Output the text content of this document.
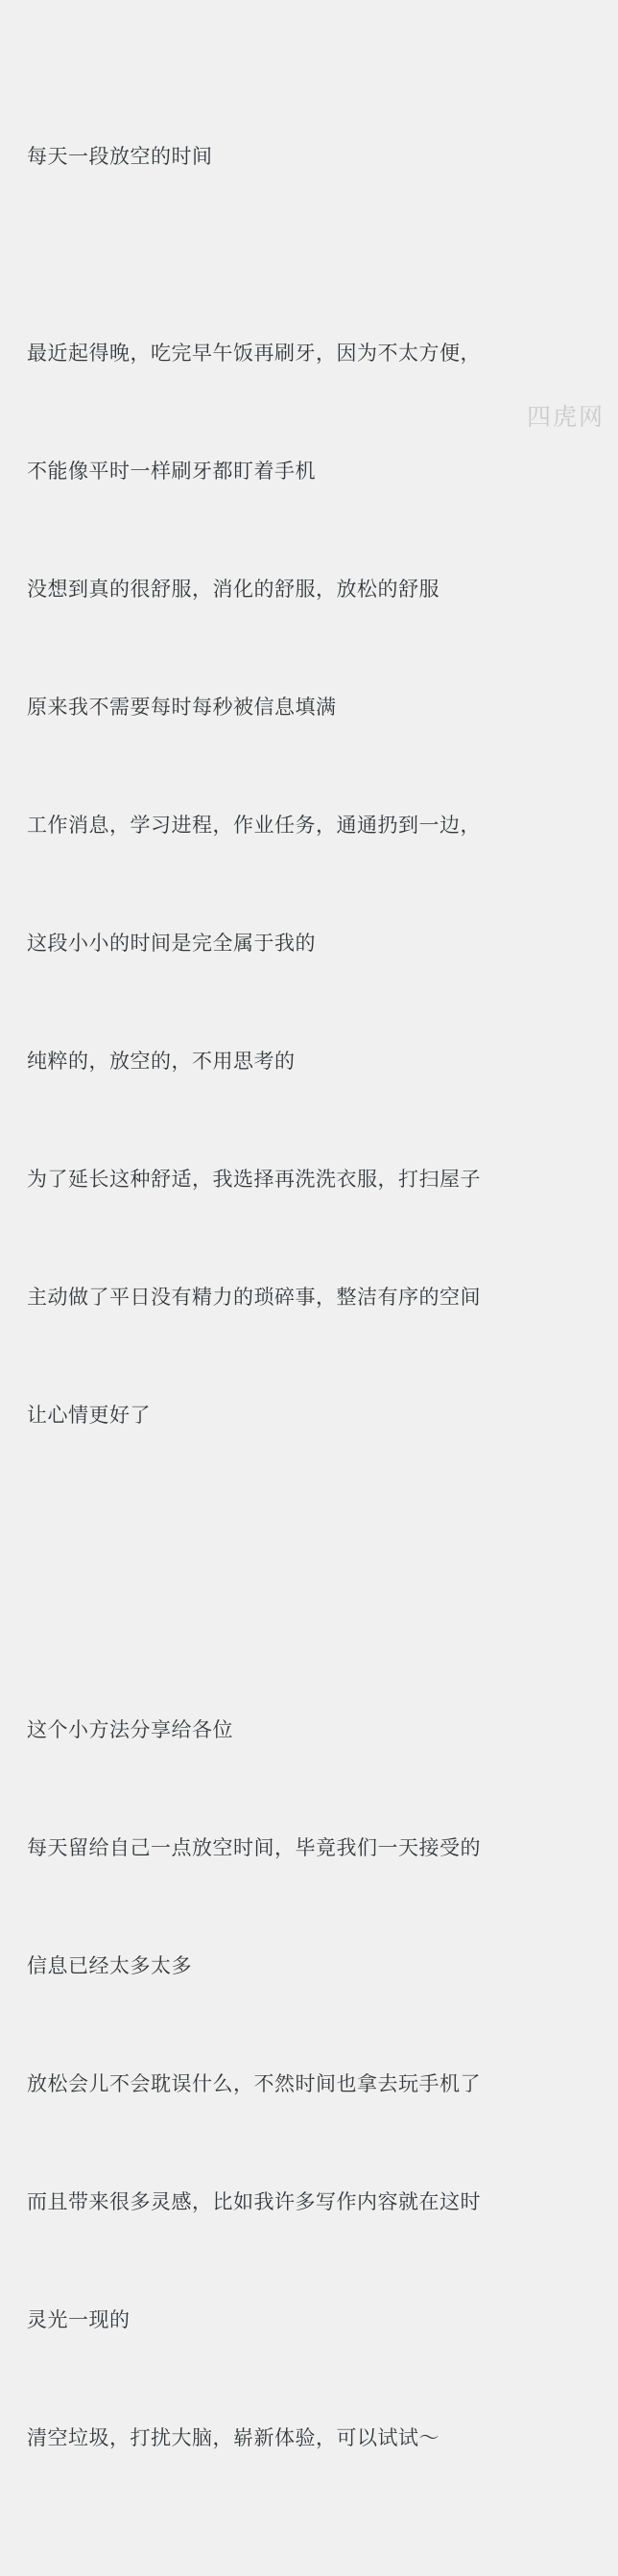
每天一段放空的时间

最近起得晚，吃完早午饭再刷牙，因为不太方便，

不能像平时一样刷牙都盯着手机

没想到真的很舒服，消化的舒服，放松的舒服

原来我不需要每时每秒被信息填满

工作消息，学习进程，作业任务，通通扔到一边，

这段小小的时间是完全属于我的

纯粹的，放空的，不用思考的

为了延长这种舒适，我选择再洗洗衣服，打扫屋子

主动做了平日没有精力的琐碎事，整洁有序的空间

让心情更好了

这个小方法分享给各位

每天留给自己一点放空时间，毕竟我们一天接受的

信息已经太多太多

放松会儿不会耽误什么，不然时间也拿去玩手机了

而且带来很多灵感，比如我许多写作内容就在这时

灵光一现的

清空垃圾，打扰大脑，崭新体验，可以试试～

四虎网
